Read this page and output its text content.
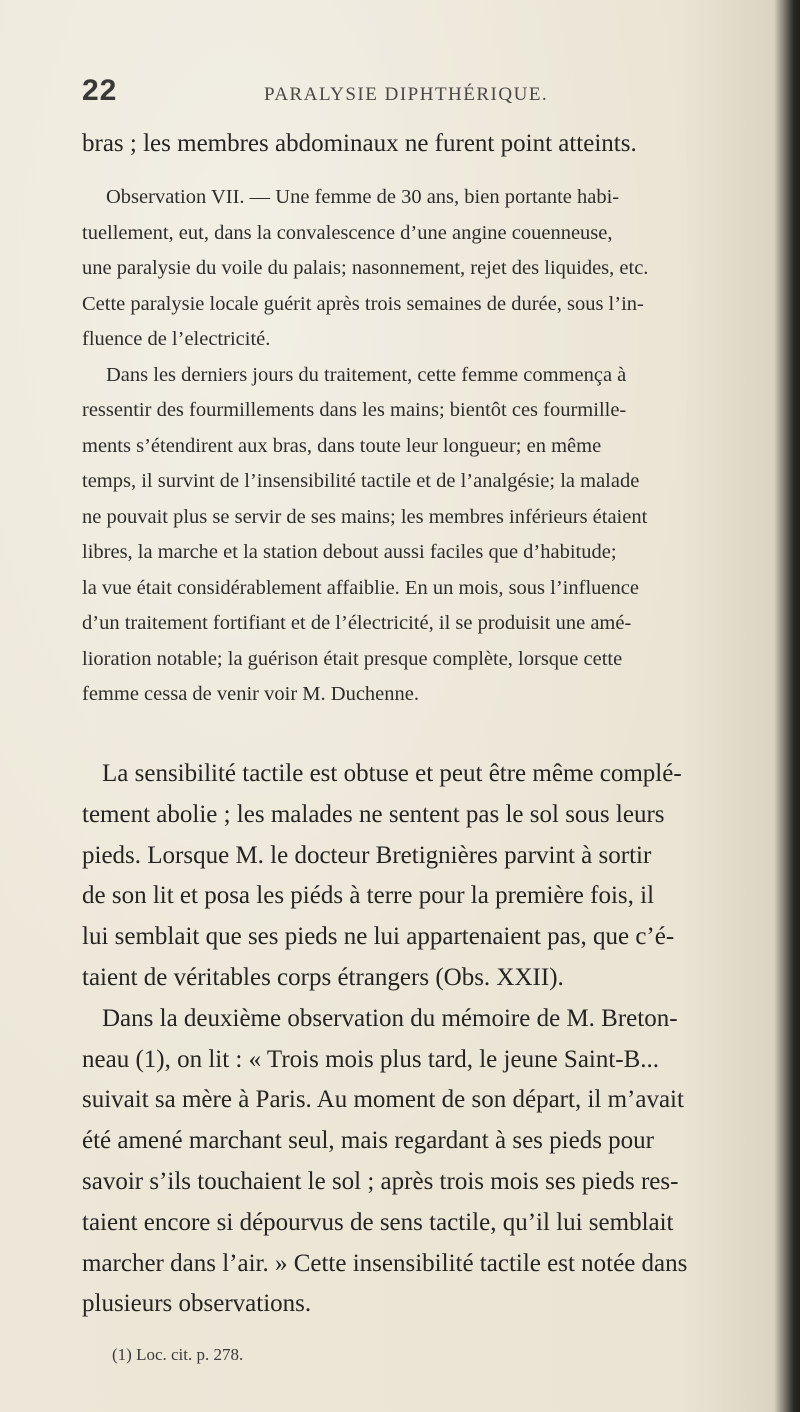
22	PARALYSIE DIPHTHÉRIQUE.
bras ; les membres abdominaux ne furent point atteints.
Observation VII. — Une femme de 30 ans, bien portante habi-
tuellement, eut, dans la convalescence d’une angine couenneuse,
une paralysie du voile du palais; nasonnement, rejet des liquides, etc.
Cette paralysie locale guérit après trois semaines de durée, sous l’in-
fluence de l’electricité.
Dans les derniers jours du traitement, cette femme commença à
ressentir des fourmillements dans les mains; bientôt ces fourmille-
ments s’étendirent aux bras, dans toute leur longueur; en même
temps, il survint de l’insensibilité tactile et de l’analgésie; la malade
ne pouvait plus se servir de ses mains; les membres inférieurs étaient
libres, la marche et la station debout aussi faciles que d’habitude;
la vue était considérablement affaiblie. En un mois, sous l’influence
d’un traitement fortifiant et de l’électricité, il se produisit une amé-
lioration notable; la guérison était presque complète, lorsque cette
femme cessa de venir voir M. Duchenne.
La sensibilité tactile est obtuse et peut être même complé-
tement abolie ; les malades ne sentent pas le sol sous leurs
pieds. Lorsque M. le docteur Bretignières parvint à sortir
de son lit et posa les piéds à terre pour la première fois, il
lui semblait que ses pieds ne lui appartenaient pas, que c’é-
taient de véritables corps étrangers (Obs. XXII).
Dans la deuxième observation du mémoire de M. Breton-
neau (1), on lit : « Trois mois plus tard, le jeune Saint-B...
suivait sa mère à Paris. Au moment de son départ, il m’avait
été amené marchant seul, mais regardant à ses pieds pour
savoir s’ils touchaient le sol ; après trois mois ses pieds res-
taient encore si dépourvus de sens tactile, qu’il lui semblait
marcher dans l’air. » Cette insensibilité tactile est notée dans
plusieurs observations.
(1) Loc. cit. p. 278.
